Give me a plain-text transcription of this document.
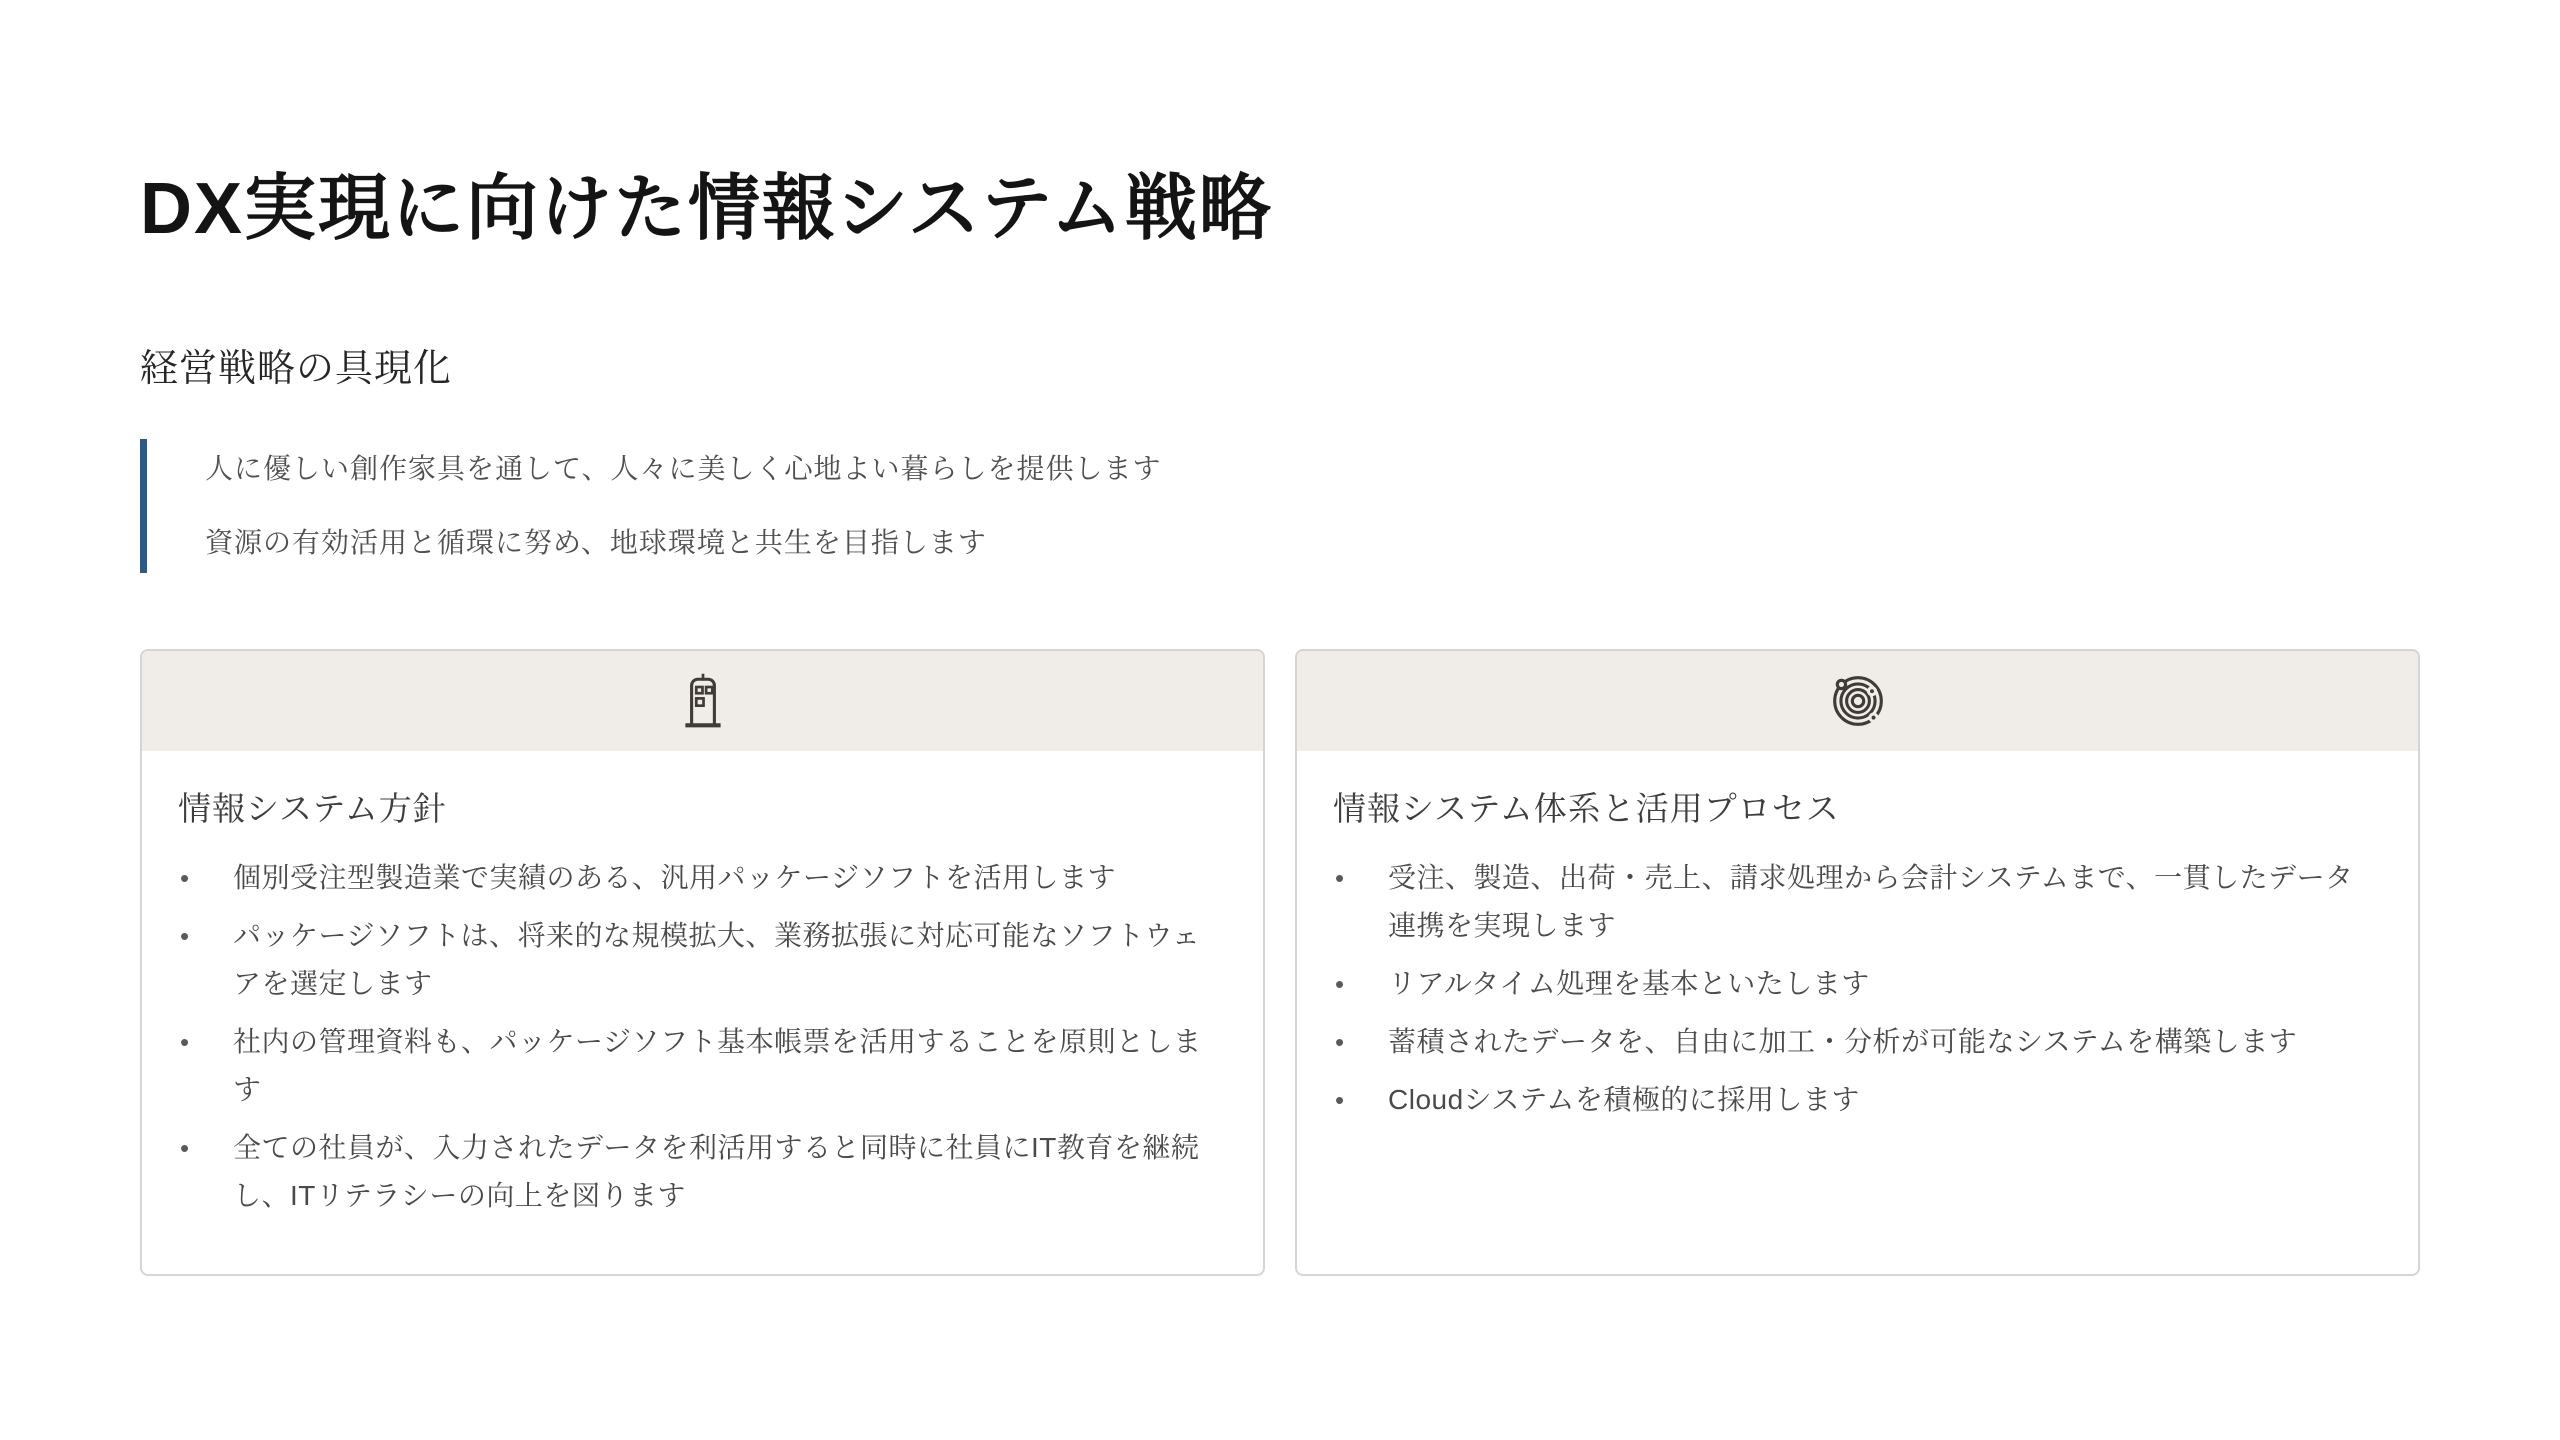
DX実現に向けた情報システム戦略
経営戦略の具現化

人に優しい創作家具を通して、人々に美しく心地よい暮らしを提供します

資源の有効活用と循環に努め、地球環境と共生を目指します

情報システム方針
• 個別受注型製造業で実績のある、汎用パッケージソフトを活用します
• パッケージソフトは、将来的な規模拡大、業務拡張に対応可能なソフトウェアを選定します
• 社内の管理資料も、パッケージソフト基本帳票を活用することを原則とします
• 全ての社員が、入力されたデータを利活用すると同時に社員にIT教育を継続し、ITリテラシーの向上を図ります
情報システム体系と活用プロセス
• 受注、製造、出荷・売上、請求処理から会計システムまで、一貫したデータ連携を実現します
• リアルタイム処理を基本といたします
• 蓄積されたデータを、自由に加工・分析が可能なシステムを構築します
• Cloudシステムを積極的に採用します
